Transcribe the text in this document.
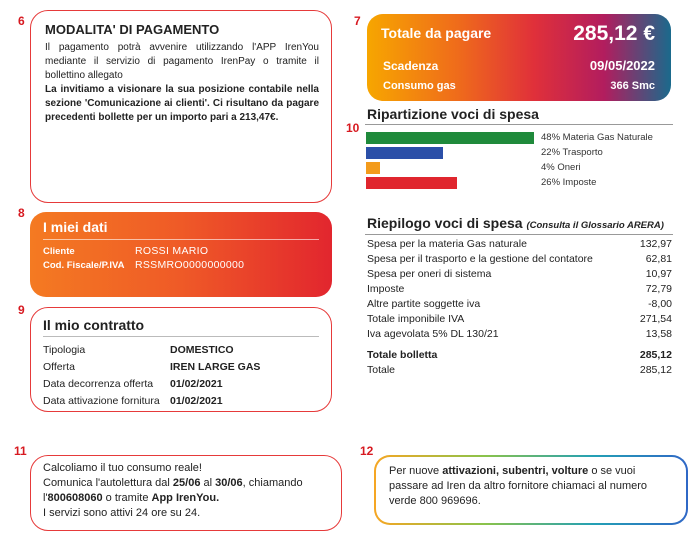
6
MODALITA' DI PAGAMENTO

Il pagamento potrà avvenire utilizzando l'APP IrenYou mediante il servizio di pagamento IrenPay o tramite il bollettino allegato

La invitiamo a visionare la sua posizione contabile nella sezione 'Comunicazione ai clienti'. Ci risultano da pagare precedenti bollette per un importo pari a 213,47€.

7
Totale da pagare	285,12 €
Scadenza	09/05/2022
Consumo gas	366 Smc
10
Ripartizione voci di spesa
48% Materia Gas Naturale
22% Trasporto
4% Oneri
26% Imposte
8
I miei dati
Cliente	ROSSI MARIO
Cod. Fiscale/P.IVA	RSSMRO0000000000
Riepilogo voci di spesa (Consulta il Glossario ARERA)
Spesa per la materia Gas naturale	132,97
Spesa per il trasporto e la gestione del contatore	62,81
Spesa per oneri di sistema	10,97
Imposte	72,79
Altre partite soggette iva	-8,00
Totale imponibile IVA	271,54
Iva agevolata 5% DL 130/21	13,58
Totale bolletta	285,12
Totale	285,12
9
Il mio contratto
Tipologia	DOMESTICO
Offerta	IREN LARGE GAS
Data decorrenza offerta	01/02/2021
Data attivazione fornitura 01/02/2021
11

Calcoliamo il tuo consumo reale!

Comunica l'autolettura dal 25/06 al 30/06, chiamando

l'800608060 o tramite App IrenYou.

I servizi sono attivi 24 ore su 24.

12

Per nuove attivazioni, subentri, volture o se vuoi passare ad Iren da altro fornitore chiamaci al numero verde 800 969696.
